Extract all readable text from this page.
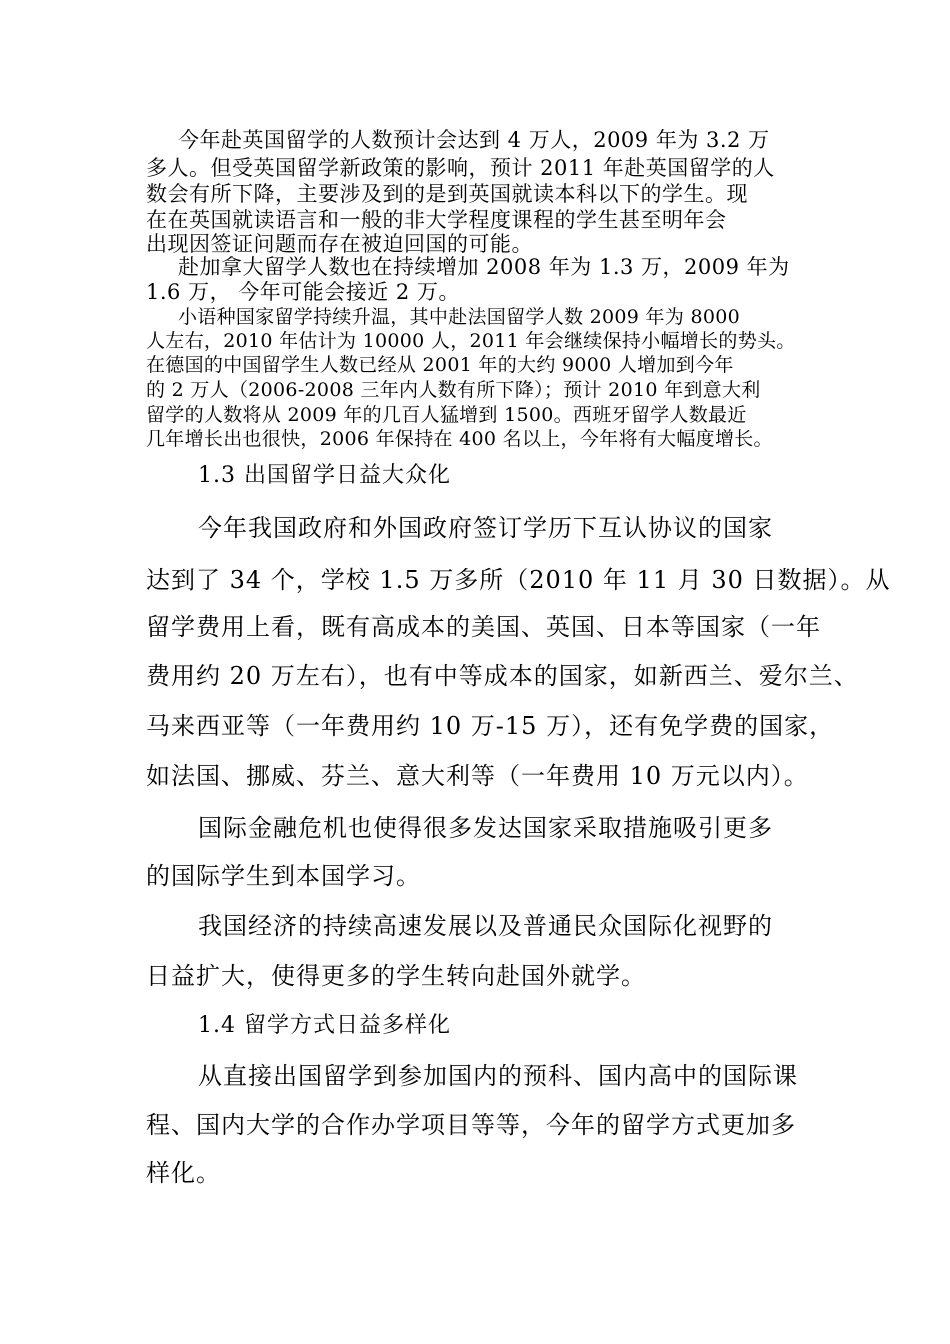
今年赴英国留学的人数预计会达到 4 万人，2009 年为 3.2 万

多人。但受英国留学新政策的影响，预计 2011 年赴英国留学的人

数会有所下降，主要涉及到的是到英国就读本科以下的学生。现

在在英国就读语言和一般的非大学程度课程的学生甚至明年会

出现因签证问题而存在被迫回国的可能。

赴加拿大留学人数也在持续增加 2008 年为 1.3 万，2009 年为

1.6 万， 今年可能会接近 2 万。

小语种国家留学持续升温，其中赴法国留学人数 2009 年为 8000

人左右，2010 年估计为 10000 人，2011 年会继续保持小幅增长的势头。

在德国的中国留学生人数已经从 2001 年的大约 9000 人增加到今年

的 2 万人（2006-2008 三年内人数有所下降）；预计 2010 年到意大利

留学的人数将从 2009 年的几百人猛增到 1500。西班牙留学人数最近

几年增长出也很快，2006 年保持在 400 名以上，今年将有大幅度增长。

1.3 出国留学日益大众化

今年我国政府和外国政府签订学历下互认协议的国家

达到了 34 个，学校 1.5 万多所（2010 年 11 月 30 日数据）。从

留学费用上看，既有高成本的美国、英国、日本等国家（一年

费用约 20 万左右），也有中等成本的国家，如新西兰、爱尔兰、

马来西亚等（一年费用约 10 万-15 万），还有免学费的国家，

如法国、挪威、芬兰、意大利等（一年费用 10 万元以内）。

国际金融危机也使得很多发达国家采取措施吸引更多

的国际学生到本国学习。

我国经济的持续高速发展以及普通民众国际化视野的

日益扩大，使得更多的学生转向赴国外就学。

1.4 留学方式日益多样化

从直接出国留学到参加国内的预科、国内高中的国际课

程、国内大学的合作办学项目等等，今年的留学方式更加多

样化。
